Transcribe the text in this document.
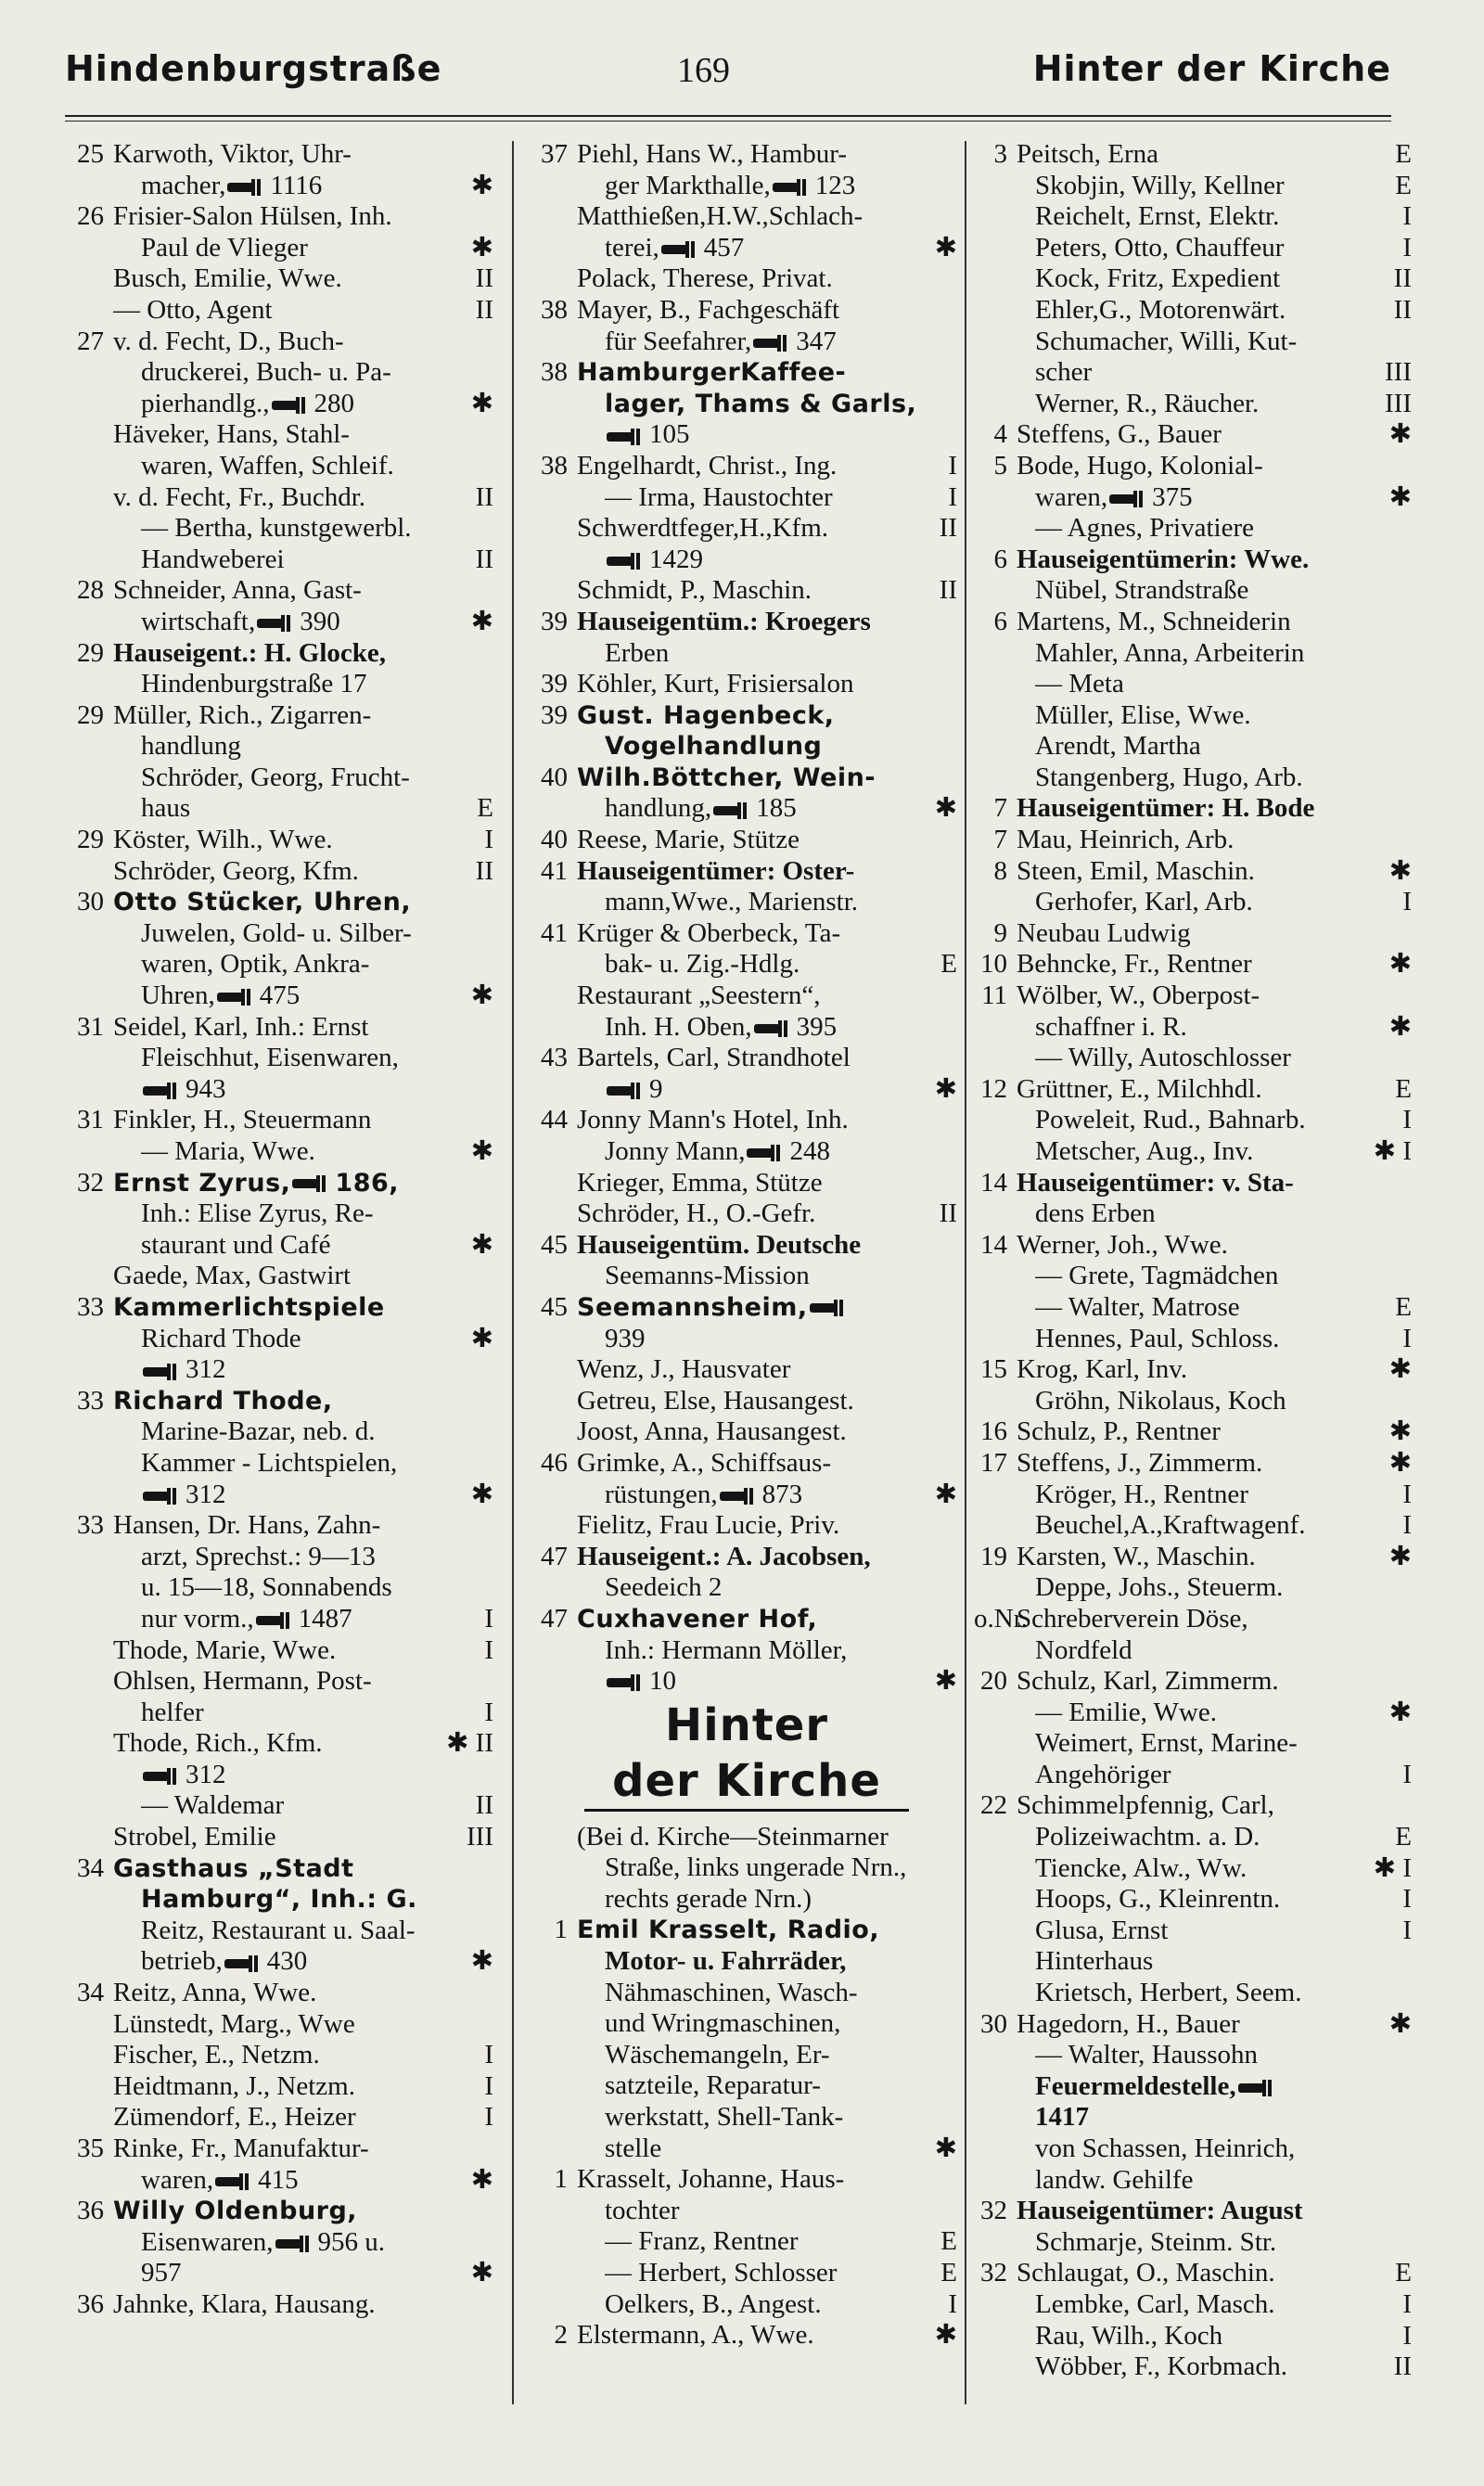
Hindenburgstraße	169	Hinter der Kirche
25 Karwoth, Viktor, Uhr-
macher, 1116	✱
26 Frisier-Salon Hülsen, Inh.
Paul de Vlieger	✱
Busch, Emilie, Wwe.	II
— Otto, Agent	II
27 v. d. Fecht, D., Buch-
druckerei, Buch- u. Pa-
pierhandlg., 280	✱
Häveker, Hans, Stahl-
waren, Waffen, Schleif.
v. d. Fecht, Fr., Buchdr.	II
— Bertha, kunstgewerbl.
Handweberei	II
28 Schneider, Anna, Gast-
wirtschaft, 390	✱
29 Hauseigent.: H. Glocke,
Hindenburgstraße 17
29 Müller, Rich., Zigarren-
handlung
Schröder, Georg, Frucht-
haus	E
29 Köster, Wilh., Wwe.	I
Schröder, Georg, Kfm.	II
30 Otto Stücker, Uhren,
Juwelen, Gold- u. Silber-
waren, Optik, Ankra-
Uhren, 475	✱
31 Seidel, Karl, Inh.: Ernst
Fleischhut, Eisenwaren,
943
31 Finkler, H., Steuermann
— Maria, Wwe.	✱
32 Ernst Zyrus, 186,
Inh.: Elise Zyrus, Re-
staurant und Café	✱
Gaede, Max, Gastwirt
33 Kammerlichtspiele
Richard Thode	✱
312
33 Richard Thode,
Marine-Bazar, neb. d.
Kammer - Lichtspielen,
312	✱
33 Hansen, Dr. Hans, Zahn-
arzt, Sprechst.: 9—13
u. 15—18, Sonnabends
nur vorm., 1487	I
Thode, Marie, Wwe.	I
Ohlsen, Hermann, Post-
helfer	I
Thode, Rich., Kfm.	✱ II
312
— Waldemar	II
Strobel, Emilie	III
34 Gasthaus „Stadt
Hamburg“, Inh.: G.
Reitz, Restaurant u. Saal-
betrieb, 430	✱
34 Reitz, Anna, Wwe.
Lünstedt, Marg., Wwe
Fischer, E., Netzm.	I
Heidtmann, J., Netzm.	I
Zümendorf, E., Heizer	I
35 Rinke, Fr., Manufaktur-
waren, 415	✱
36 Willy Oldenburg,
Eisenwaren, 956 u.
957	✱
36 Jahnke, Klara, Hausang.
37 Piehl, Hans W., Hambur-
ger Markthalle, 123
Matthießen,H.W.,Schlach-
terei, 457	✱
Polack, Therese, Privat.
38 Mayer, B., Fachgeschäft
für Seefahrer, 347
38 HamburgerKaffee-
lager, Thams & Garls,
105
38 Engelhardt, Christ., Ing.	I
— Irma, Haustochter	I
Schwerdtfeger,H.,Kfm.	II
1429
Schmidt, P., Maschin.	II
39 Hauseigentüm.: Kroegers
Erben
39 Köhler, Kurt, Frisiersalon
39 Gust. Hagenbeck,
Vogelhandlung
40 Wilh.Böttcher, Wein-
handlung, 185	✱
40 Reese, Marie, Stütze
41 Hauseigentümer: Oster-
mann,Wwe., Marienstr.
41 Krüger & Oberbeck, Ta-
bak- u. Zig.-Hdlg.	E
Restaurant „Seestern“,
Inh. H. Oben, 395
43 Bartels, Carl, Strandhotel
9	✱
44 Jonny Mann's Hotel, Inh.
Jonny Mann, 248
Krieger, Emma, Stütze
Schröder, H., O.-Gefr.	II
45 Hauseigentüm. Deutsche
Seemanns-Mission
45 Seemannsheim,
939
Wenz, J., Hausvater
Getreu, Else, Hausangest.
Joost, Anna, Hausangest.
46 Grimke, A., Schiffsaus-
rüstungen, 873	✱
Fielitz, Frau Lucie, Priv.
47 Hauseigent.: A. Jacobsen,
Seedeich 2
47 Cuxhavener Hof,
Inh.: Hermann Möller,
10	✱
Hinter
der Kirche
(Bei d. Kirche—Steinmarner
Straße, links ungerade Nrn.,
rechts gerade Nrn.)
1 Emil Krasselt, Radio,
Motor- u. Fahrräder,
Nähmaschinen, Wasch-
und Wringmaschinen,
Wäschemangeln, Er-
satzteile, Reparatur-
werkstatt, Shell-Tank-
stelle	✱
1 Krasselt, Johanne, Haus-
tochter
— Franz, Rentner	E
— Herbert, Schlosser	E
Oelkers, B., Angest.	I
2 Elstermann, A., Wwe.	✱
3 Peitsch, Erna	E
Skobjin, Willy, Kellner	E
Reichelt, Ernst, Elektr.	I
Peters, Otto, Chauffeur	I
Kock, Fritz, Expedient	II
Ehler,G., Motorenwärt.	II
Schumacher, Willi, Kut-
scher	III
Werner, R., Räucher.	III
4 Steffens, G., Bauer	✱
5 Bode, Hugo, Kolonial-
waren, 375	✱
— Agnes, Privatiere
6 Hauseigentümerin: Wwe.
Nübel, Strandstraße
6 Martens, M., Schneiderin
Mahler, Anna, Arbeiterin
— Meta
Müller, Elise, Wwe.
Arendt, Martha
Stangenberg, Hugo, Arb.
7 Hauseigentümer: H. Bode
7 Mau, Heinrich, Arb.
8 Steen, Emil, Maschin.	✱
Gerhofer, Karl, Arb.	I
9 Neubau Ludwig
10 Behncke, Fr., Rentner	✱
11 Wölber, W., Oberpost-
schaffner i. R.	✱
— Willy, Autoschlosser
12 Grüttner, E., Milchhdl.	E
Poweleit, Rud., Bahnarb.	I
Metscher, Aug., Inv.	✱ I
14 Hauseigentümer: v. Sta-
dens Erben
14 Werner, Joh., Wwe.
— Grete, Tagmädchen
— Walter, Matrose	E
Hennes, Paul, Schloss.	I
15 Krog, Karl, Inv.	✱
Gröhn, Nikolaus, Koch
16 Schulz, P., Rentner	✱
17 Steffens, J., Zimmerm.	✱
Kröger, H., Rentner	I
Beuchel,A.,Kraftwagenf.	I
19 Karsten, W., Maschin.	✱
Deppe, Johs., Steuerm.
o.Nr.
Schreberverein Döse,
Nordfeld
20 Schulz, Karl, Zimmerm.
— Emilie, Wwe.	✱
Weimert, Ernst, Marine-
Angehöriger	I
22 Schimmelpfennig, Carl,
Polizeiwachtm. a. D.	E
Tiencke, Alw., Ww.	✱ I
Hoops, G., Kleinrentn.	I
Glusa, Ernst	I
Hinterhaus
Krietsch, Herbert, Seem.
30 Hagedorn, H., Bauer	✱
— Walter, Haussohn
Feuermeldestelle,
1417
von Schassen, Heinrich,
landw. Gehilfe
32 Hauseigentümer: August
Schmarje, Steinm. Str.
32 Schlaugat, O., Maschin.	E
Lembke, Carl, Masch.	I
Rau, Wilh., Koch	I
Wöbber, F., Korbmach.	II
